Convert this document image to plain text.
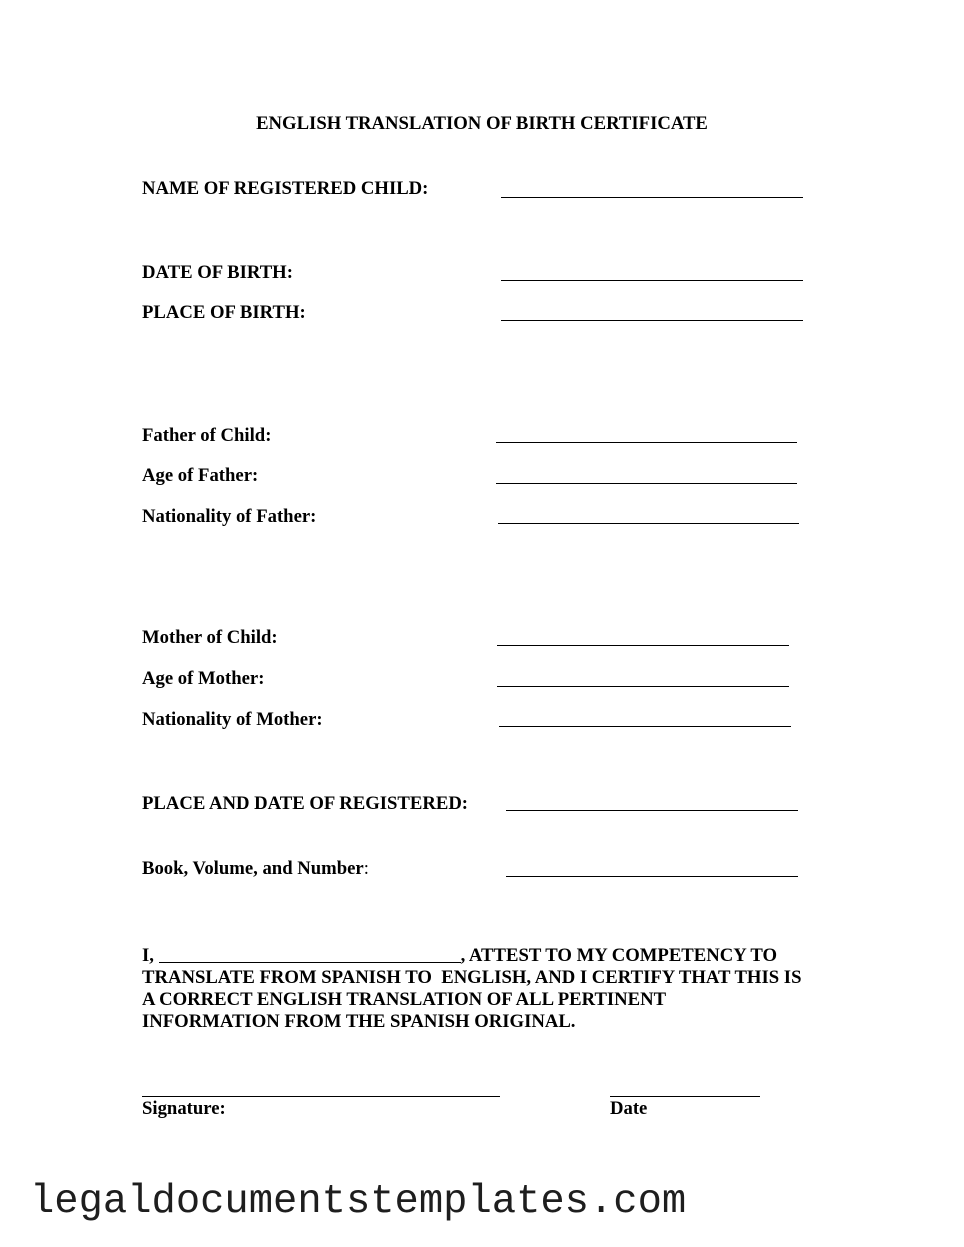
ENGLISH TRANSLATION OF BIRTH CERTIFICATE
NAME OF REGISTERED CHILD:
DATE OF BIRTH:
PLACE OF BIRTH:
Father of Child:
Age of Father:
Nationality of Father:
Mother of Child:
Age of Mother:
Nationality of Mother:
PLACE AND DATE OF REGISTERED:
Book, Volume, and Number:
I,	, ATTEST TO MY COMPETENCY TO
TRANSLATE FROM SPANISH TO  ENGLISH, AND I CERTIFY THAT THIS IS
A CORRECT ENGLISH TRANSLATION OF ALL PERTINENT
INFORMATION FROM THE SPANISH ORIGINAL.
Signature:	Date
legaldocumentstemplates.com
